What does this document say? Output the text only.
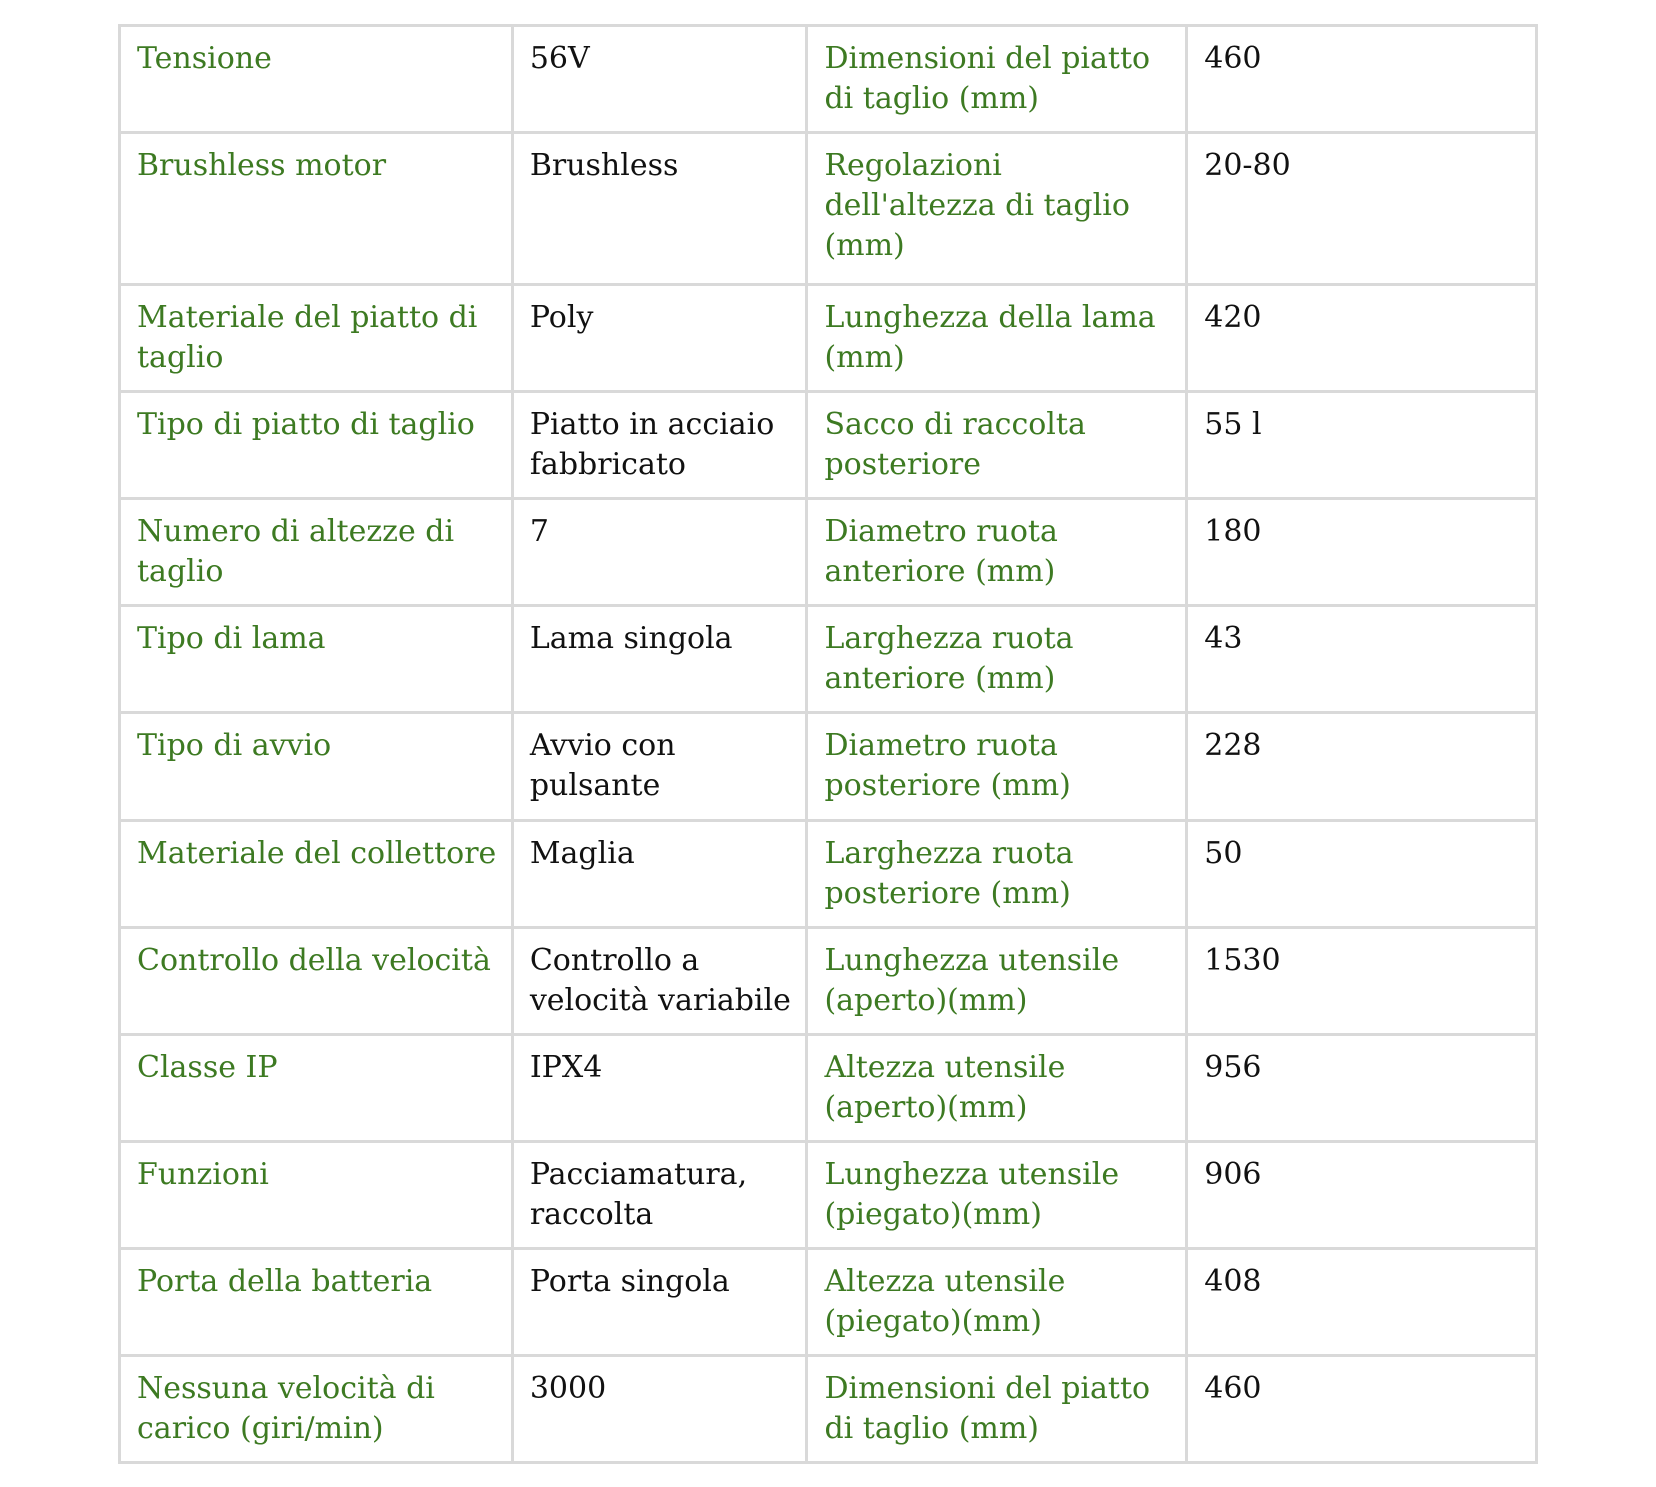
Tensione	56V	Dimensioni del piatto di taglio (mm)	460
Brushless motor	Brushless	Regolazioni dell'altezza di taglio (mm)	20-80
Materiale del piatto di taglio	Poly	Lunghezza della lama (mm)	420
Tipo di piatto di taglio	Piatto in acciaio fabbricato	Sacco di raccolta posteriore	55 l
Numero di altezze di taglio	7	Diametro ruota anteriore (mm)	180
Tipo di lama	Lama singola	Larghezza ruota anteriore (mm)	43
Tipo di avvio	Avvio con pulsante	Diametro ruota posteriore (mm)	228
Materiale del collettore	Maglia	Larghezza ruota posteriore (mm)	50
Controllo della velocità	Controllo a velocità variabile	Lunghezza utensile (aperto)(mm)	1530
Classe IP	IPX4	Altezza utensile (aperto)(mm)	956
Funzioni	Pacciamatura, raccolta	Lunghezza utensile (piegato)(mm)	906
Porta della batteria	Porta singola	Altezza utensile (piegato)(mm)	408
Nessuna velocità di carico (giri/min)	3000	Dimensioni del piatto di taglio (mm)	460
